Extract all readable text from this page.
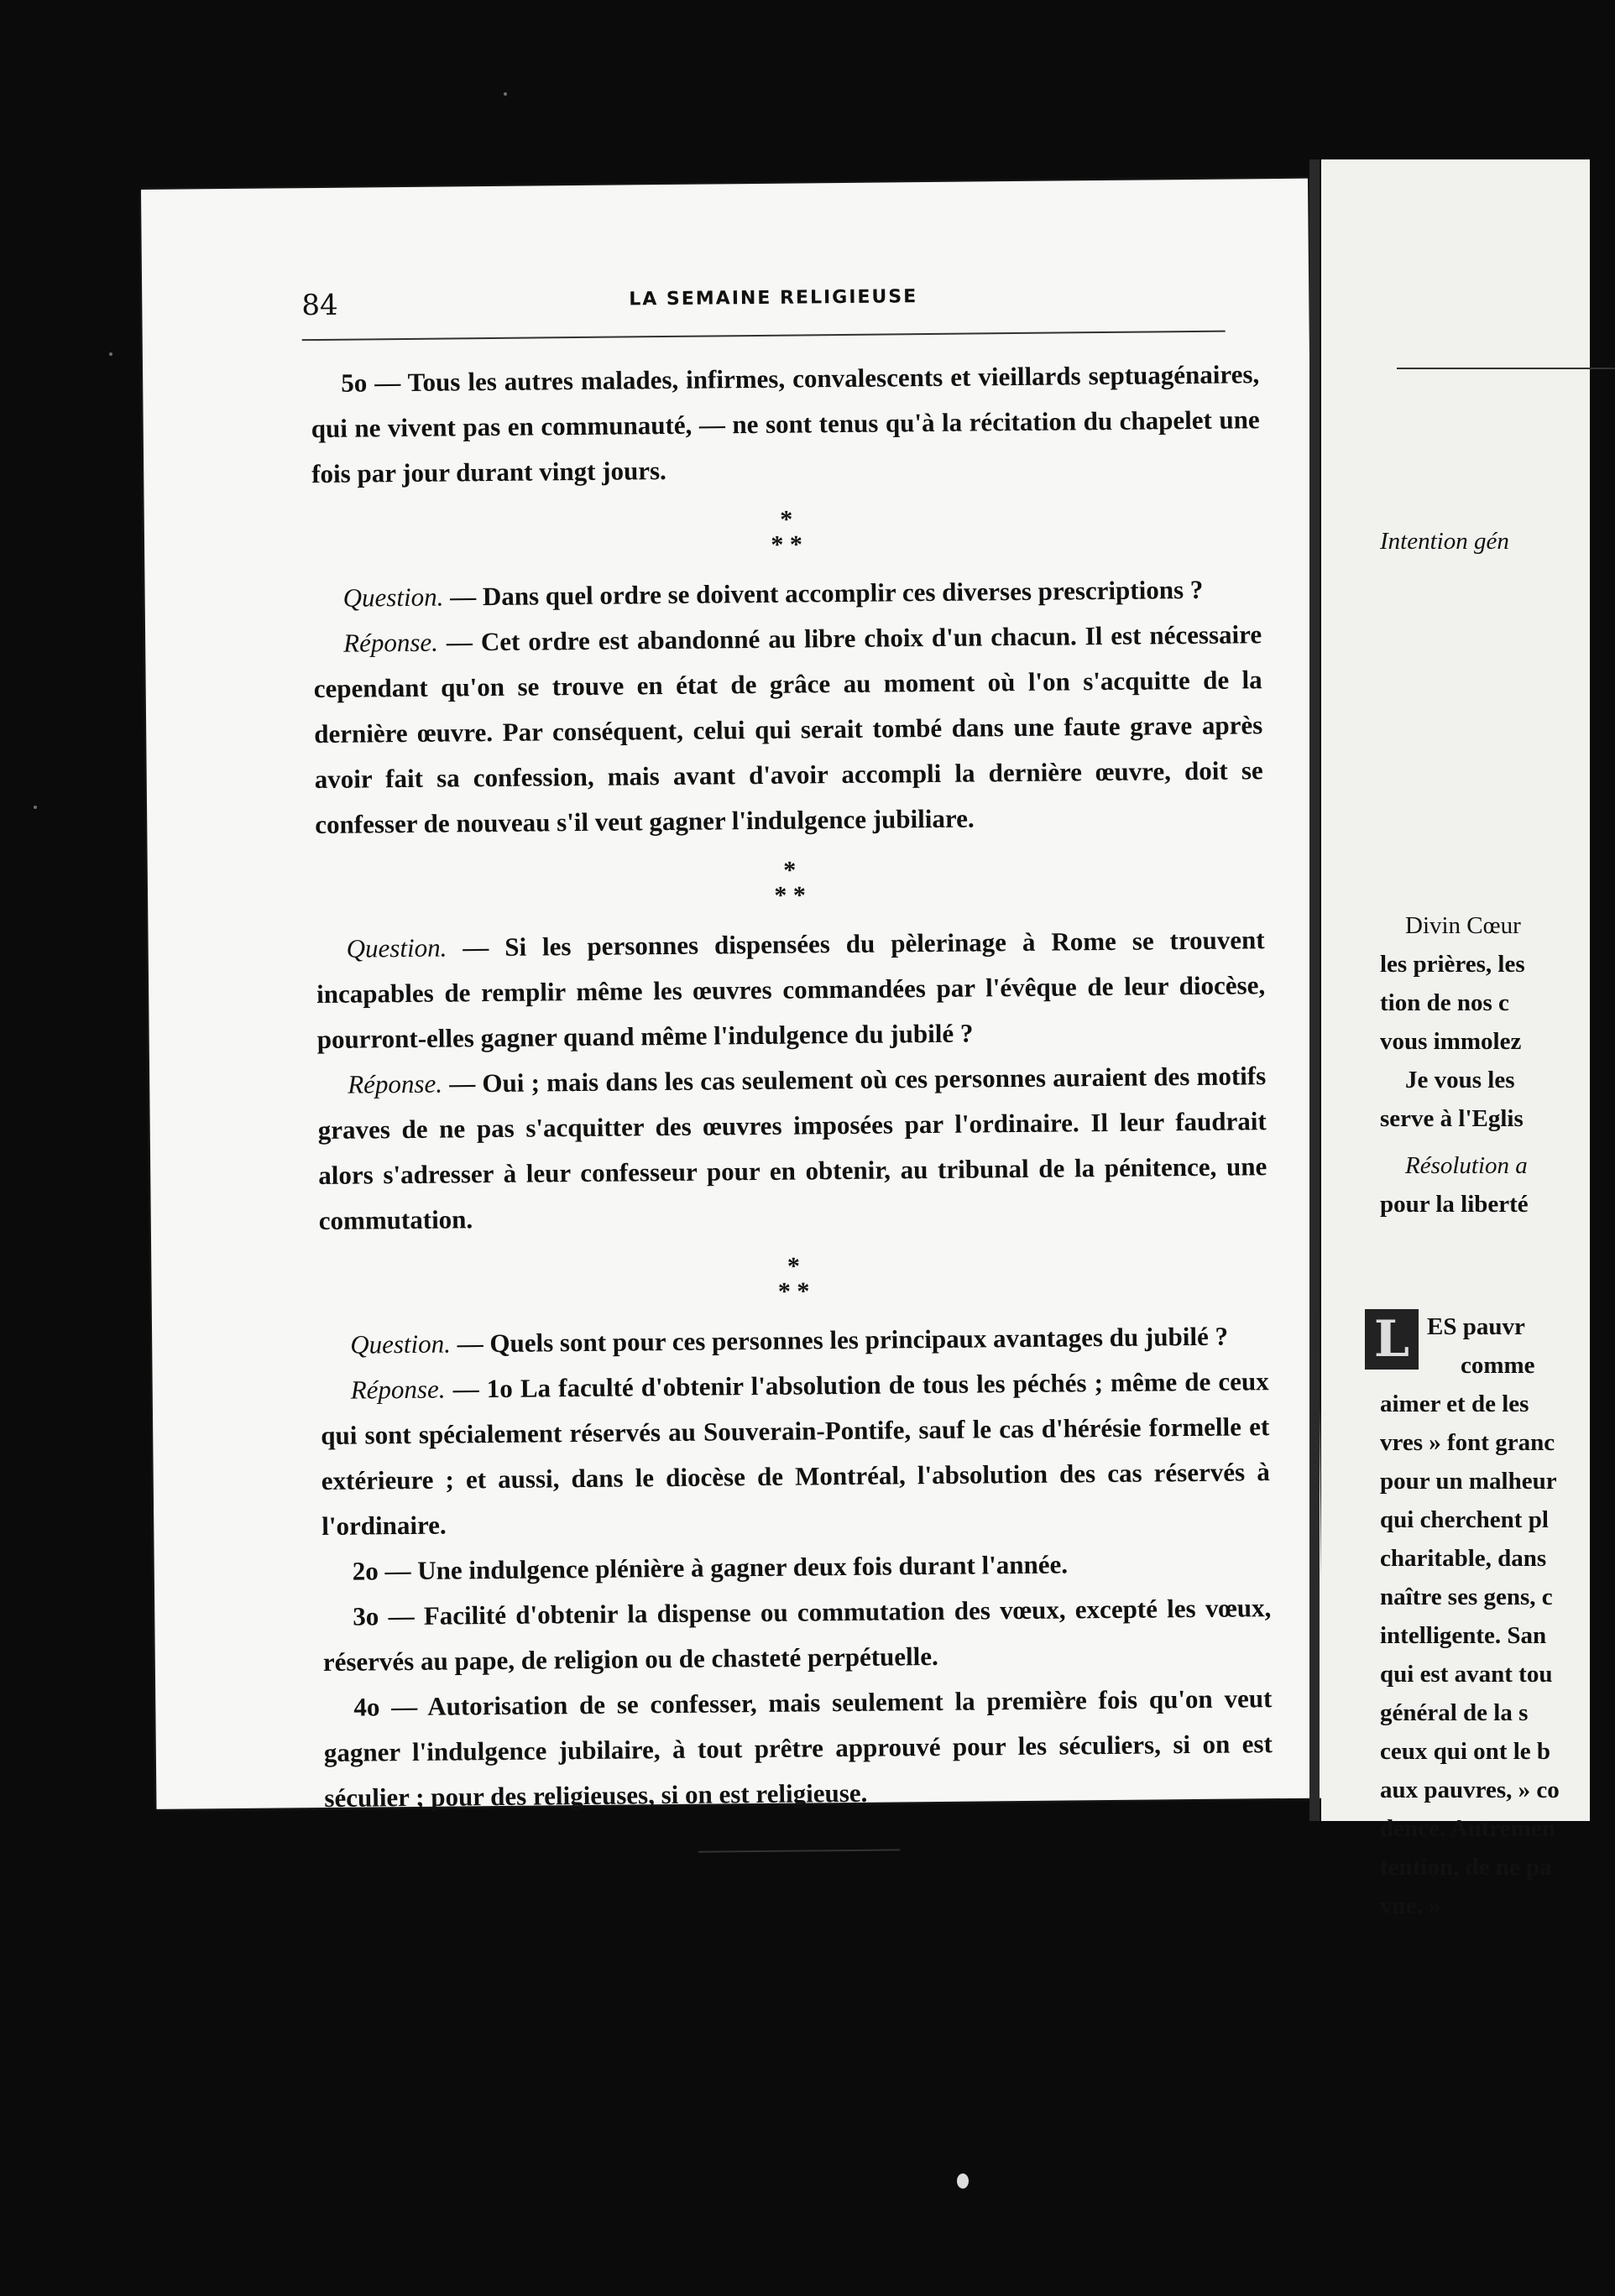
84	LA SEMAINE RELIGIEUSE

5o — Tous les autres malades, infirmes, convalescents et vieillards septuagénaires, qui ne vivent pas en communauté, — ne sont tenus qu'à la récitation du chapelet une fois par jour durant vingt jours.

*
* *

Question. — Dans quel ordre se doivent accomplir ces diverses prescriptions ?

Réponse. — Cet ordre est abandonné au libre choix d'un chacun. Il est nécessaire cependant qu'on se trouve en état de grâce au moment où l'on s'acquitte de la dernière œuvre. Par conséquent, celui qui serait tombé dans une faute grave après avoir fait sa confession, mais avant d'avoir accompli la dernière œuvre, doit se confesser de nouveau s'il veut gagner l'indulgence jubiliare.

*
* *

Question. — Si les personnes dispensées du pèlerinage à Rome se trouvent incapables de remplir même les œuvres commandées par l'évêque de leur diocèse, pourront-elles gagner quand même l'indulgence du jubilé ?

Réponse. — Oui ; mais dans les cas seulement où ces personnes auraient des motifs graves de ne pas s'acquitter des œuvres imposées par l'ordinaire. Il leur faudrait alors s'adresser à leur confesseur pour en obtenir, au tribunal de la pénitence, une commutation.

*
* *

Question. — Quels sont pour ces personnes les principaux avantages du jubilé ?

Réponse. — 1o La faculté d'obtenir l'absolution de tous les péchés ; même de ceux qui sont spécialement réservés au Souverain-Pontife, sauf le cas d'hérésie formelle et extérieure ; et aussi, dans le diocèse de Montréal, l'absolution des cas réservés à l'ordinaire.

2o — Une indulgence plénière à gagner deux fois durant l'année.

3o — Facilité d'obtenir la dispense ou commutation des vœux, excepté les vœux, réservés au pape, de religion ou de chasteté perpétuelle.

4o — Autorisation de se confesser, mais seulement la première fois qu'on veut gagner l'indulgence jubilaire, à tout prêtre approuvé pour les séculiers, si on est séculier ; pour des religieuses, si on est religieuse.

Intention gén
Divin Cœur
les prières, les
tion de nos c
vous immolez
Je vous les
serve à l'Eglis
Résolution a
pour la liberté
L ES pauvr
comme
aimer et de les
vres » font granc
pour un malheur
qui cherchent pl
charitable, dans
naître ses gens, c
intelligente. San
qui est avant tou
général de la s
ceux qui ont le b
aux pauvres, » co
dence. Autremen
tention, de ne pa
vue. »
